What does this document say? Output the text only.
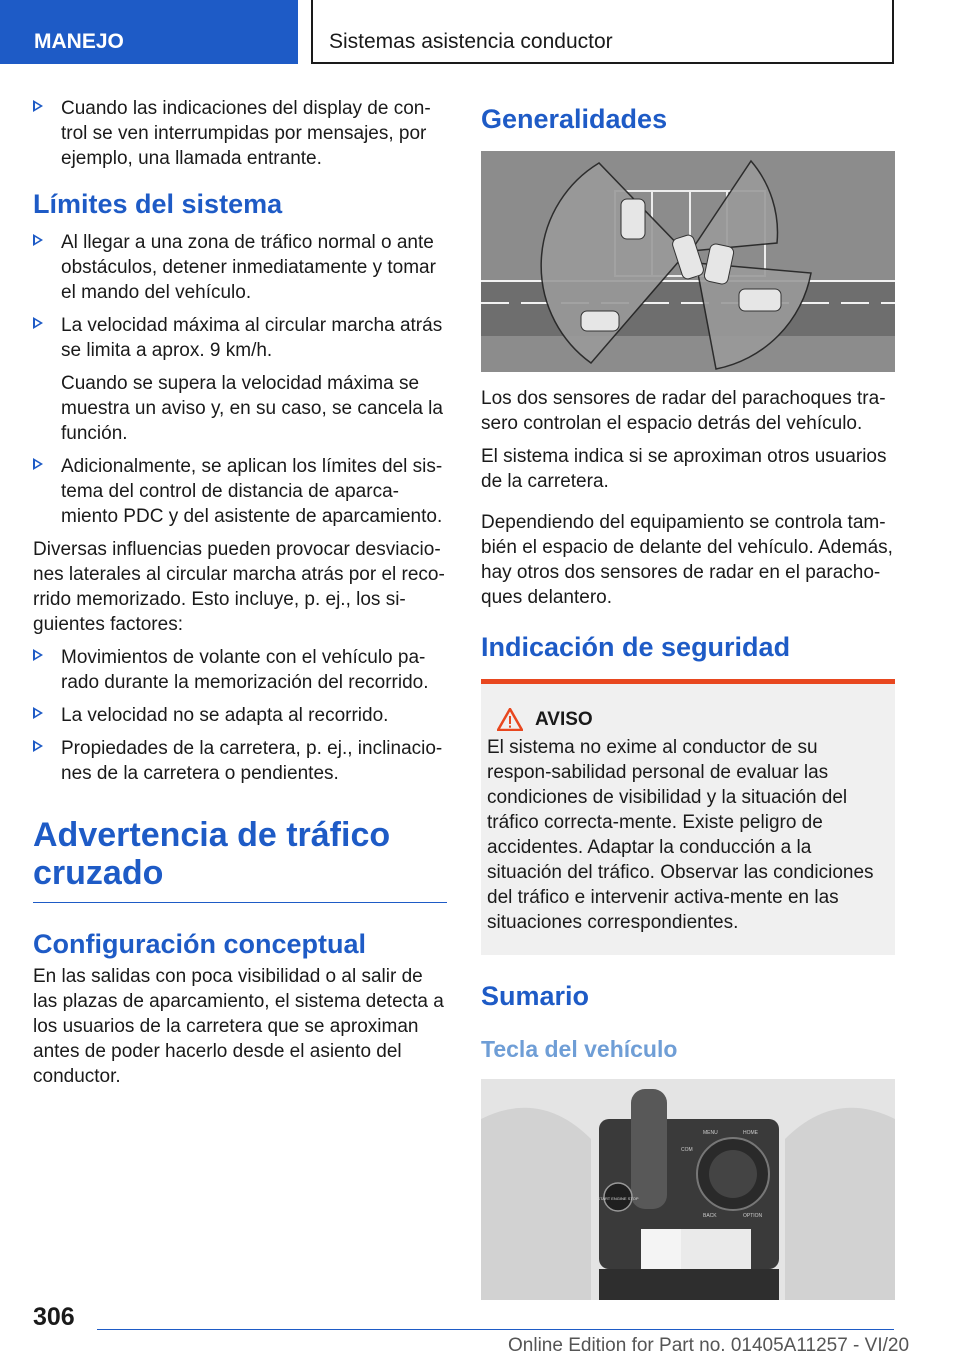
MANEJO	Sistemas asistencia conductor

Cuando las indicaciones del display de con-trol se ven interrumpidas por mensajes, por ejemplo, una llamada entrante.

Límites del sistema

Al llegar a una zona de tráfico normal o ante obstáculos, detener inmediatamente y tomar el mando del vehículo.

La velocidad máxima al circular marcha atrás se limita a aprox. 9 km/h.

Cuando se supera la velocidad máxima se muestra un aviso y, en su caso, se cancela la función.

Adicionalmente, se aplican los límites del sis-tema del control de distancia de aparca-miento PDC y del asistente de aparcamiento.

Diversas influencias pueden provocar desviacio-nes laterales al circular marcha atrás por el reco-rrido memorizado. Esto incluye, p. ej., los si-guientes factores:

Movimientos de volante con el vehículo pa-rado durante la memorización del recorrido.

La velocidad no se adapta al recorrido.

Propiedades de la carretera, p. ej., inclinacio-nes de la carretera o pendientes.

Advertencia de tráfico cruzado
Configuración conceptual

En las salidas con poca visibilidad o al salir de las plazas de aparcamiento, el sistema detecta a los usuarios de la carretera que se aproximan antes de poder hacerlo desde el asiento del conductor.

Generalidades

Los dos sensores de radar del parachoques tra-sero controlan el espacio detrás del vehículo.

El sistema indica si se aproximan otros usuarios de la carretera.

Dependiendo del equipamiento se controla tam-bién el espacio de delante del vehículo. Además, hay otros dos sensores de radar en el paracho-ques delantero.

Indicación de seguridad
AVISO

El sistema no exime al conductor de su respon-sabilidad personal de evaluar las condiciones de visibilidad y la situación del tráfico correcta-mente. Existe peligro de accidentes. Adaptar la conducción a la situación del tráfico. Observar las condiciones del tráfico e intervenir activa-mente en las situaciones correspondientes.

Sumario
Tecla del vehículo
START ENGINE STOP
MENU	HOME
COM
BACK	OPTION
306
Online Edition for Part no. 01405A11257 - VI/20
